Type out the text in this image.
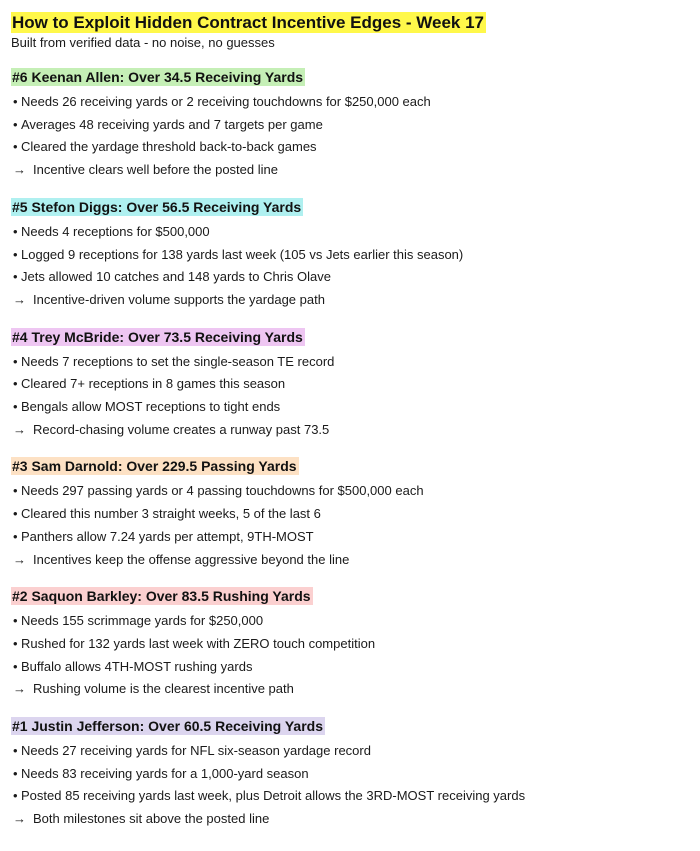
How to Exploit Hidden Contract Incentive Edges - Week 17
Built from verified data - no noise, no guesses
#6 Keenan Allen: Over 34.5 Receiving Yards
• Needs 26 receiving yards or 2 receiving touchdowns for $250,000 each
• Averages 48 receiving yards and 7 targets per game
• Cleared the yardage threshold back-to-back games
→ Incentive clears well before the posted line
#5 Stefon Diggs: Over 56.5 Receiving Yards
• Needs 4 receptions for $500,000
• Logged 9 receptions for 138 yards last week (105 vs Jets earlier this season)
• Jets allowed 10 catches and 148 yards to Chris Olave
→ Incentive-driven volume supports the yardage path
#4 Trey McBride: Over 73.5 Receiving Yards
• Needs 7 receptions to set the single-season TE record
• Cleared 7+ receptions in 8 games this season
• Bengals allow MOST receptions to tight ends
→ Record-chasing volume creates a runway past 73.5
#3 Sam Darnold: Over 229.5 Passing Yards
• Needs 297 passing yards or 4 passing touchdowns for $500,000 each
• Cleared this number 3 straight weeks, 5 of the last 6
• Panthers allow 7.24 yards per attempt, 9TH-MOST
→ Incentives keep the offense aggressive beyond the line
#2 Saquon Barkley: Over 83.5 Rushing Yards
• Needs 155 scrimmage yards for $250,000
• Rushed for 132 yards last week with ZERO touch competition
• Buffalo allows 4TH-MOST rushing yards
→ Rushing volume is the clearest incentive path
#1 Justin Jefferson: Over 60.5 Receiving Yards
• Needs 27 receiving yards for NFL six-season yardage record
• Needs 83 receiving yards for a 1,000-yard season
• Posted 85 receiving yards last week, plus Detroit allows the 3RD-MOST receiving yards
→ Both milestones sit above the posted line
